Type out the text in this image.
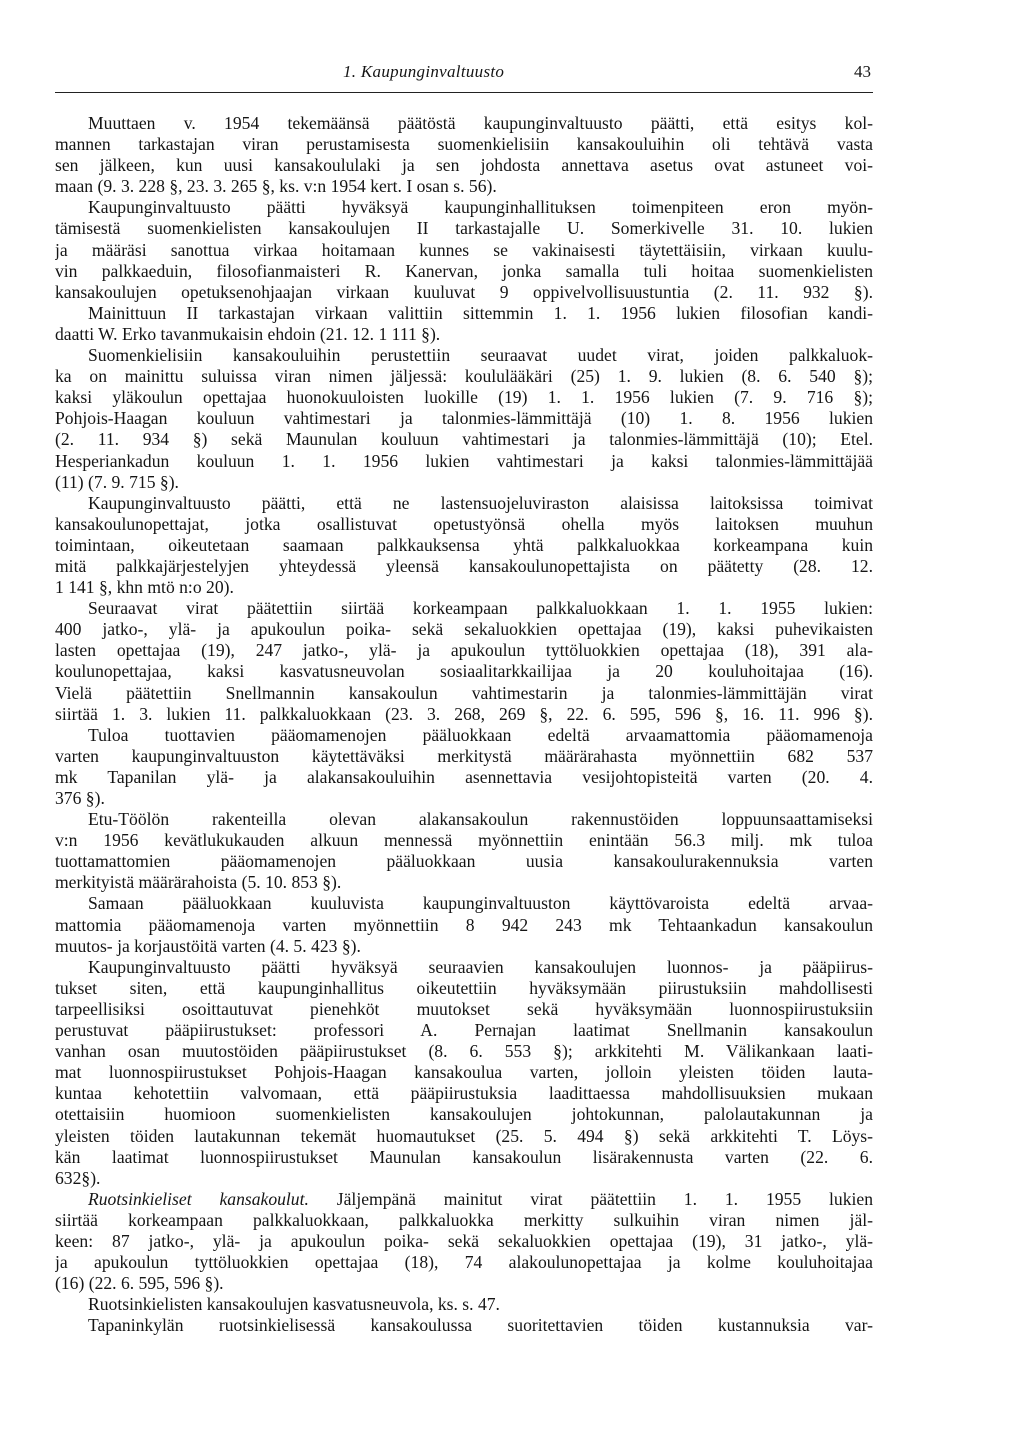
1. Kaupunginvaltuusto	43
Muuttaen v. 1954 tekemäänsä päätöstä kaupunginvaltuusto päätti, että esitys kol-
mannen tarkastajan viran perustamisesta suomenkielisiin kansakouluihin oli tehtävä vasta
sen jälkeen, kun uusi kansakoululaki ja sen johdosta annettava asetus ovat astuneet voi-
maan (9. 3. 228 §, 23. 3. 265 §, ks. v:n 1954 kert. I osan s. 56).
Kaupunginvaltuusto päätti hyväksyä kaupunginhallituksen toimenpiteen eron myön-
tämisestä suomenkielisten kansakoulujen II tarkastajalle U. Somerkivelle 31. 10. lukien
ja määräsi sanottua virkaa hoitamaan kunnes se vakinaisesti täytettäisiin, virkaan kuulu-
vin palkkaeduin, filosofianmaisteri R. Kanervan, jonka samalla tuli hoitaa suomenkielisten
kansakoulujen opetuksenohjaajan virkaan kuuluvat 9 oppivelvollisuustuntia (2. 11. 932 §).
Mainittuun II tarkastajan virkaan valittiin sittemmin 1. 1. 1956 lukien filosofian kandi-
daatti W. Erko tavanmukaisin ehdoin (21. 12. 1 111 §).
Suomenkielisiin kansakouluihin perustettiin seuraavat uudet virat, joiden palkkaluok-
ka on mainittu suluissa viran nimen jäljessä: koululääkäri (25) 1. 9. lukien (8. 6. 540 §);
kaksi yläkoulun opettajaa huonokuuloisten luokille (19) 1. 1. 1956 lukien (7. 9. 716 §);
Pohjois-Haagan kouluun vahtimestari ja talonmies-lämmittäjä (10) 1. 8. 1956 lukien
(2. 11. 934 §) sekä Maunulan kouluun vahtimestari ja talonmies-lämmittäjä (10); Etel.
Hesperiankadun kouluun 1. 1. 1956 lukien vahtimestari ja kaksi talonmies-lämmittäjää
(11) (7. 9. 715 §).
Kaupunginvaltuusto päätti, että ne lastensuojeluviraston alaisissa laitoksissa toimivat
kansakoulunopettajat, jotka osallistuvat opetustyönsä ohella myös laitoksen muuhun
toimintaan, oikeutetaan saamaan palkkauksensa yhtä palkkaluokkaa korkeampana kuin
mitä palkkajärjestelyjen yhteydessä yleensä kansakoulunopettajista on päätetty (28. 12.
1 141 §, khn mtö n:o 20).
Seuraavat virat päätettiin siirtää korkeampaan palkkaluokkaan 1. 1. 1955 lukien:
400 jatko-, ylä- ja apukoulun poika- sekä sekaluokkien opettajaa (19), kaksi puhevikaisten
lasten opettajaa (19), 247 jatko-, ylä- ja apukoulun tyttöluokkien opettajaa (18), 391 ala-
koulunopettajaa, kaksi kasvatusneuvolan sosiaalitarkkailijaa ja 20 kouluhoitajaa (16).
Vielä päätettiin Snellmannin kansakoulun vahtimestarin ja talonmies-lämmittäjän virat
siirtää 1. 3. lukien 11. palkkaluokkaan (23. 3. 268, 269 §, 22. 6. 595, 596 §, 16. 11. 996 §).
Tuloa tuottavien pääomamenojen pääluokkaan edeltä arvaamattomia pääomamenoja
varten kaupunginvaltuuston käytettäväksi merkitystä määrärahasta myönnettiin 682 537
mk Tapanilan ylä- ja alakansakouluihin asennettavia vesijohtopisteitä varten (20. 4.
376 §).
Etu-Töölön rakenteilla olevan alakansakoulun rakennustöiden loppuunsaattamiseksi
v:n 1956 kevätlukukauden alkuun mennessä myönnettiin enintään 56.3 milj. mk tuloa
tuottamattomien pääomamenojen pääluokkaan uusia kansakoulurakennuksia varten
merkityistä määrärahoista (5. 10. 853 §).
Samaan pääluokkaan kuuluvista kaupunginvaltuuston käyttövaroista edeltä arvaa-
mattomia pääomamenoja varten myönnettiin 8 942 243 mk Tehtaankadun kansakoulun
muutos- ja korjaustöitä varten (4. 5. 423 §).
Kaupunginvaltuusto päätti hyväksyä seuraavien kansakoulujen luonnos- ja pääpiirus-
tukset siten, että kaupunginhallitus oikeutettiin hyväksymään piirustuksiin mahdollisesti
tarpeellisiksi osoittautuvat pienehköt muutokset sekä hyväksymään luonnospiirustuksiin
perustuvat pääpiirustukset: professori A. Pernajan laatimat Snellmanin kansakoulun
vanhan osan muutostöiden pääpiirustukset (8. 6. 553 §); arkkitehti M. Välikankaan laati-
mat luonnospiirustukset Pohjois-Haagan kansakoulua varten, jolloin yleisten töiden lauta-
kuntaa kehotettiin valvomaan, että pääpiirustuksia laadittaessa mahdollisuuksien mukaan
otettaisiin huomioon suomenkielisten kansakoulujen johtokunnan, palolautakunnan ja
yleisten töiden lautakunnan tekemät huomautukset (25. 5. 494 §) sekä arkkitehti T. Löys-
kän laatimat luonnospiirustukset Maunulan kansakoulun lisärakennusta varten (22. 6.
632§).
Ruotsinkieliset kansakoulut. Jäljempänä mainitut virat päätettiin 1. 1. 1955 lukien
siirtää korkeampaan palkkaluokkaan, palkkaluokka merkitty sulkuihin viran nimen jäl-
keen: 87 jatko-, ylä- ja apukoulun poika- sekä sekaluokkien opettajaa (19), 31 jatko-, ylä-
ja apukoulun tyttöluokkien opettajaa (18), 74 alakoulunopettajaa ja kolme kouluhoitajaa
(16) (22. 6. 595, 596 §).
Ruotsinkielisten kansakoulujen kasvatusneuvola, ks. s. 47.
Tapaninkylän ruotsinkielisessä kansakoulussa suoritettavien töiden kustannuksia var-
